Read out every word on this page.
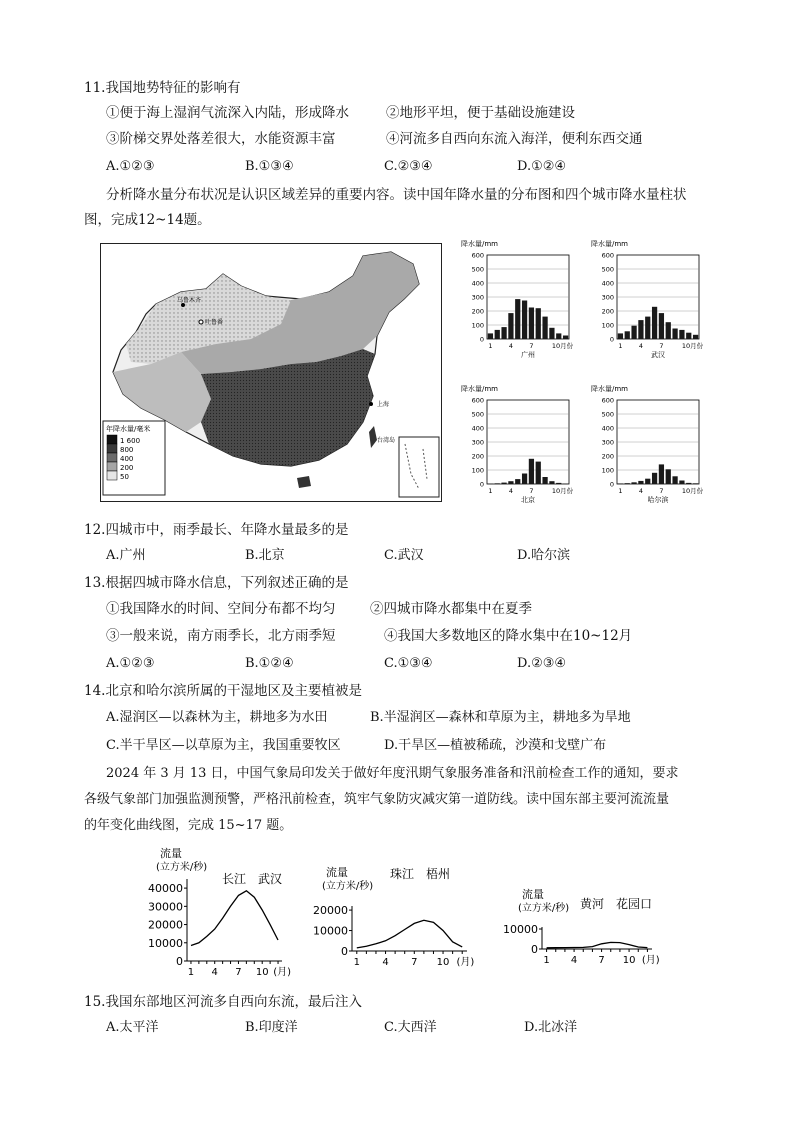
11.我国地势特征的影响有
①便于海上湿润气流深入内陆，形成降水	②地形平坦，便于基础设施建设
③阶梯交界处落差很大，水能资源丰富	④河流多自西向东流入海洋，便利东西交通
A.①②③	B.①③④	C.②③④	D.①②④
分析降水量分布状况是认识区域差异的重要内容。读中国年降水量的分布图和四个城市降水量柱状
图，完成12~14题。
乌鲁木齐
吐鲁番
上海
台湾岛
年降水量/毫米
1 600
800
400
200
50
降水量/mm
600
500
400
300
200
100
0
1	4	7	10月份
广州
降水量/mm
600
500
400
300
200
100
0
1	4	7	10月份
武汉
降水量/mm
600
500
400
300
200
100
0
1	4	7	10月份
北京
降水量/mm
600
500
400
300
200
100
0
1	4	7	10月份
哈尔滨
12.四城市中，雨季最长、年降水量最多的是
A.广州	B.北京	C.武汉	D.哈尔滨
13.根据四城市降水信息，下列叙述正确的是
①我国降水的时间、空间分布都不均匀	②四城市降水都集中在夏季
③一般来说，南方雨季长，北方雨季短	④我国大多数地区的降水集中在10~12月
A.①②③	B.①②④	C.①③④	D.②③④
14.北京和哈尔滨所属的干湿地区及主要植被是
A.湿润区—以森林为主，耕地多为水田	B.半湿润区—森林和草原为主，耕地多为旱地
C.半干旱区—以草原为主，我国重要牧区	D.干旱区—植被稀疏，沙漠和戈壁广布
2024 年 3 月 13 日，中国气象局印发关于做好年度汛期气象服务准备和汛前检查工作的通知，要求
各级气象部门加强监测预警，严格汛前检查，筑牢气象防灾减灾第一道防线。读中国东部主要河流流量
的年变化曲线图，完成 15~17 题。
流量
(立方米/秒)
长江　武汉
40000
30000
20000
10000
0
1 4 7 10 (月)
流量
(立方米/秒)
珠江　梧州
20000
10000
0
1 4 7 10 (月)
流量
(立方米/秒) 黄河　花园口
10000
0
1 4 7 10 (月)
15.我国东部地区河流多自西向东流，最后注入
A.太平洋	B.印度洋	C.大西洋	D.北冰洋
